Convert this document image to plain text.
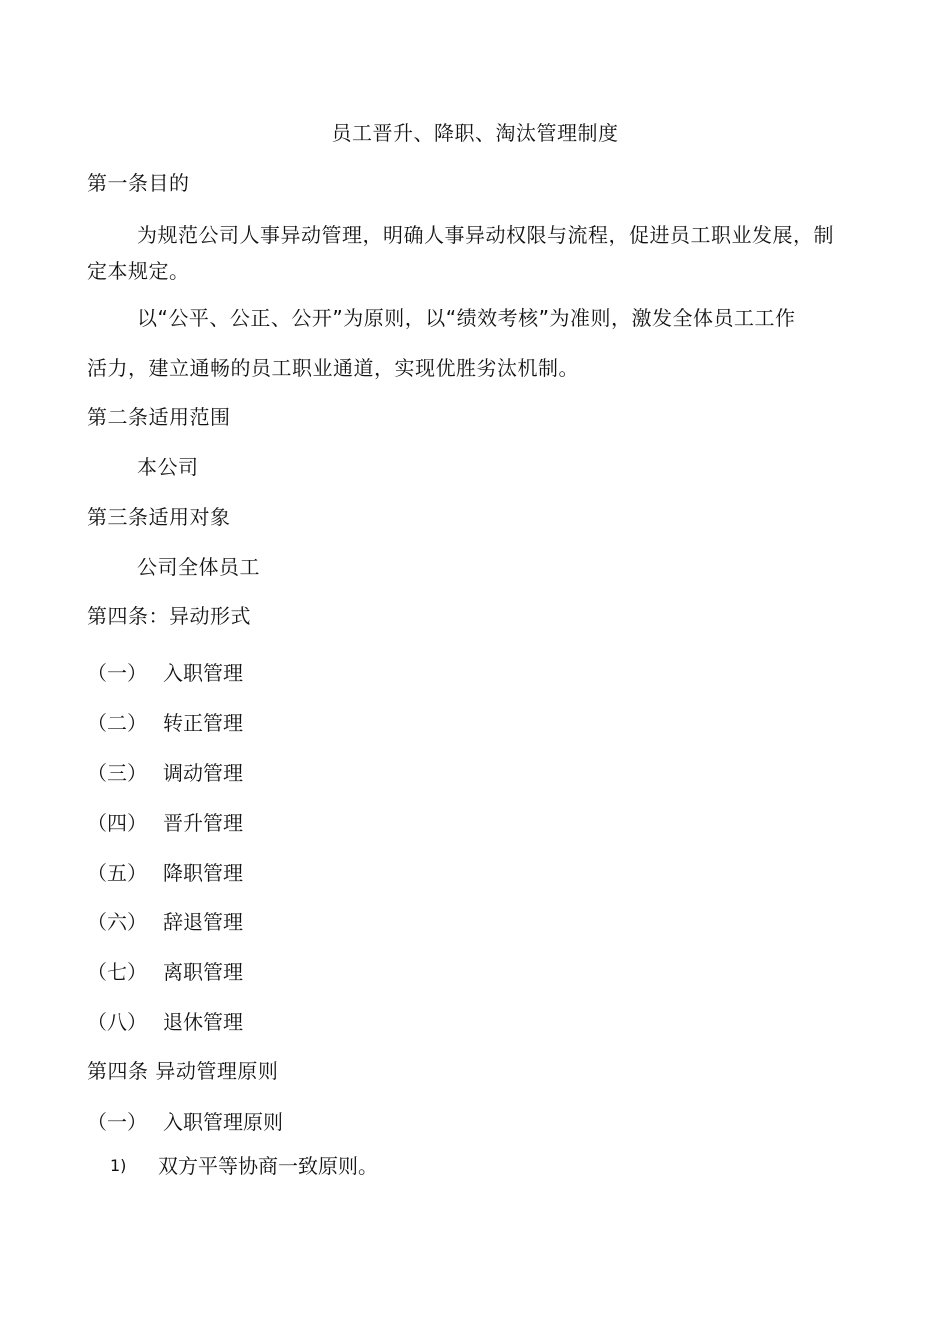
员工晋升、降职、淘汰管理制度
第一条目的
为规范公司人事异动管理，明确人事异动权限与流程，促进员工职业发展，制
定本规定。
以“公平、公正、公开”为原则，以“绩效考核”为准则，激发全体员工工作
活力，建立通畅的员工职业通道，实现优胜劣汰机制。
第二条适用范围
本公司
第三条适用对象
公司全体员工
第四条：异动形式
（一） 入职管理
（二） 转正管理
（三） 调动管理
（四） 晋升管理
（五） 降职管理
（六） 辞退管理
（七） 离职管理
（八） 退休管理
第四条 异动管理原则
（一） 入职管理原则
1) 双方平等协商一致原则。
